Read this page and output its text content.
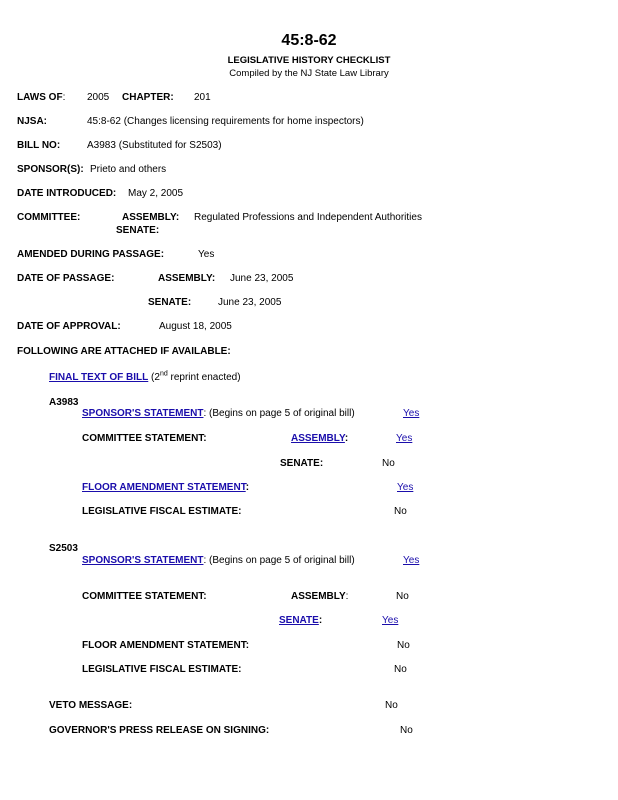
45:8-62
LEGISLATIVE HISTORY CHECKLIST
Compiled by the NJ State Law Library
LAWS OF: 2005 CHAPTER: 201
NJSA:	45:8-62 (Changes licensing requirements for home inspectors)
BILL NO:	A3983 (Substituted for S2503)
SPONSOR(S): Prieto and others
DATE INTRODUCED: May 2, 2005
COMMITTEE:	ASSEMBLY: Regulated Professions and Independent Authorities
SENATE:
AMENDED DURING PASSAGE:	Yes
DATE OF PASSAGE:	ASSEMBLY: June 23, 2005
SENATE:	June 23, 2005
DATE OF APPROVAL:	August 18, 2005
FOLLOWING ARE ATTACHED IF AVAILABLE:
FINAL TEXT OF BILL (2nd reprint enacted)
A3983
SPONSOR'S STATEMENT: (Begins on page 5 of original bill)	Yes
COMMITTEE STATEMENT:	ASSEMBLY:	Yes
SENATE:	No
FLOOR AMENDMENT STATEMENT:	Yes
LEGISLATIVE FISCAL ESTIMATE:	No
S2503
SPONSOR'S STATEMENT: (Begins on page 5 of original bill)	Yes
COMMITTEE STATEMENT:	ASSEMBLY:	No
SENATE:	Yes
FLOOR AMENDMENT STATEMENT:	No
LEGISLATIVE FISCAL ESTIMATE:	No
VETO MESSAGE:	No
GOVERNOR'S PRESS RELEASE ON SIGNING:	No
